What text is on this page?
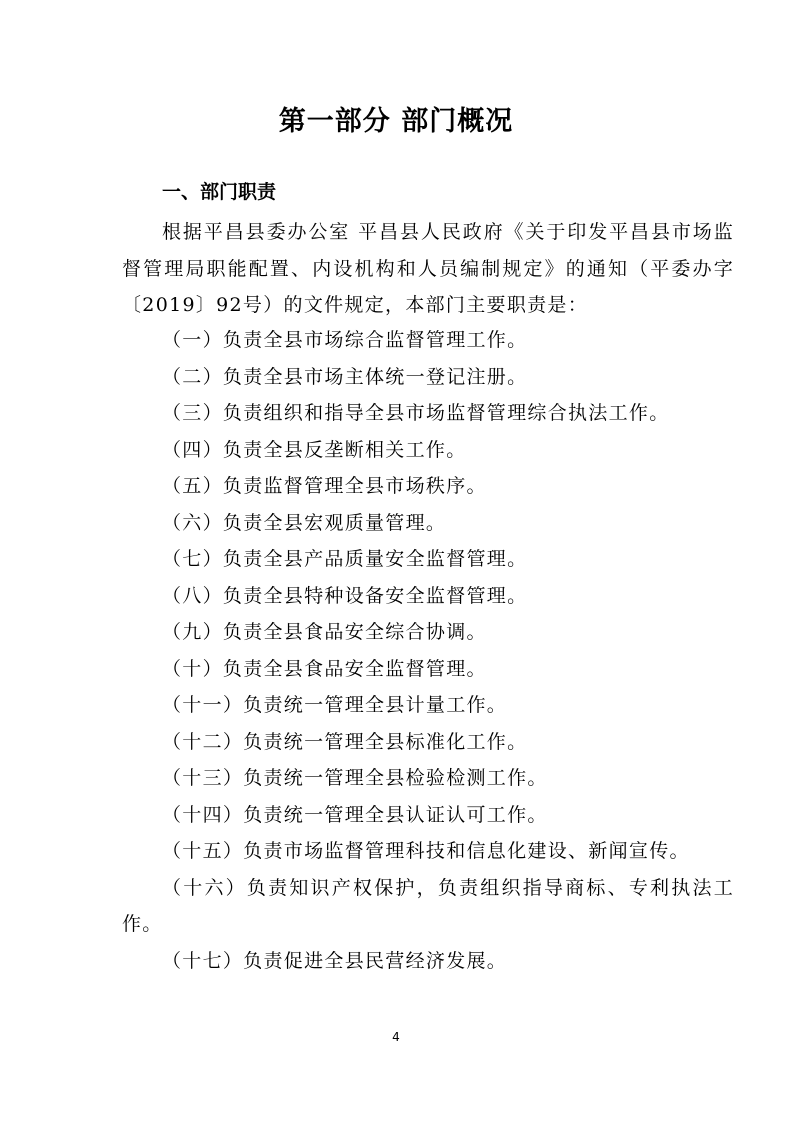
第一部分 部门概况
一、部门职责

根据平昌县委办公室 平昌县人民政府《关于印发平昌县市场监督管理局职能配置、内设机构和人员编制规定》的通知（平委办字〔2019〕92号）的文件规定，本部门主要职责是：

（一）负责全县市场综合监督管理工作。
（二）负责全县市场主体统一登记注册。
（三）负责组织和指导全县市场监督管理综合执法工作。
（四）负责全县反垄断相关工作。
（五）负责监督管理全县市场秩序。
（六）负责全县宏观质量管理。
（七）负责全县产品质量安全监督管理。
（八）负责全县特种设备安全监督管理。
（九）负责全县食品安全综合协调。
（十）负责全县食品安全监督管理。
（十一）负责统一管理全县计量工作。
（十二）负责统一管理全县标准化工作。
（十三）负责统一管理全县检验检测工作。
（十四）负责统一管理全县认证认可工作。
（十五）负责市场监督管理科技和信息化建设、新闻宣传。
（十六）负责知识产权保护，负责组织指导商标、专利执法工作。
（十七）负责促进全县民营经济发展。
4
